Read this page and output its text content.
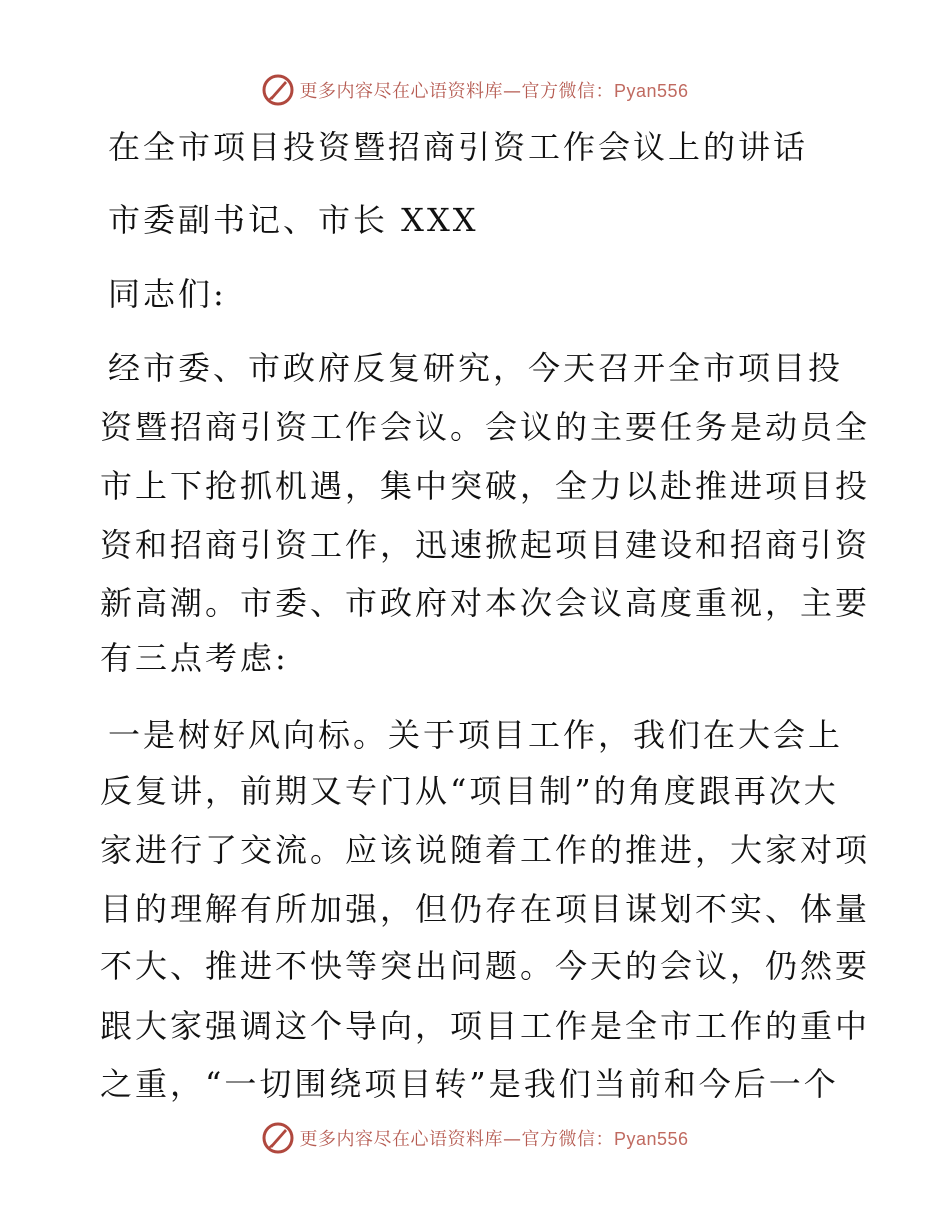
更多内容尽在心语资料库—官方微信：Pyan556
在全市项目投资暨招商引资工作会议上的讲话
市委副书记、市长 XXX
同志们:
经市委、市政府反复研究，今天召开全市项目投
资暨招商引资工作会议。会议的主要任务是动员全
市上下抢抓机遇，集中突破，全力以赴推进项目投
资和招商引资工作，迅速掀起项目建设和招商引资
新高潮。市委、市政府对本次会议高度重视，主要
有三点考虑:
一是树好风向标。关于项目工作，我们在大会上
反复讲，前期又专门从“项目制”的角度跟再次大
家进行了交流。应该说随着工作的推进，大家对项
目的理解有所加强，但仍存在项目谋划不实、体量
不大、推进不快等突出问题。今天的会议，仍然要
跟大家强调这个导向，项目工作是全市工作的重中
之重，“一切围绕项目转”是我们当前和今后一个
更多内容尽在心语资料库—官方微信：Pyan556
